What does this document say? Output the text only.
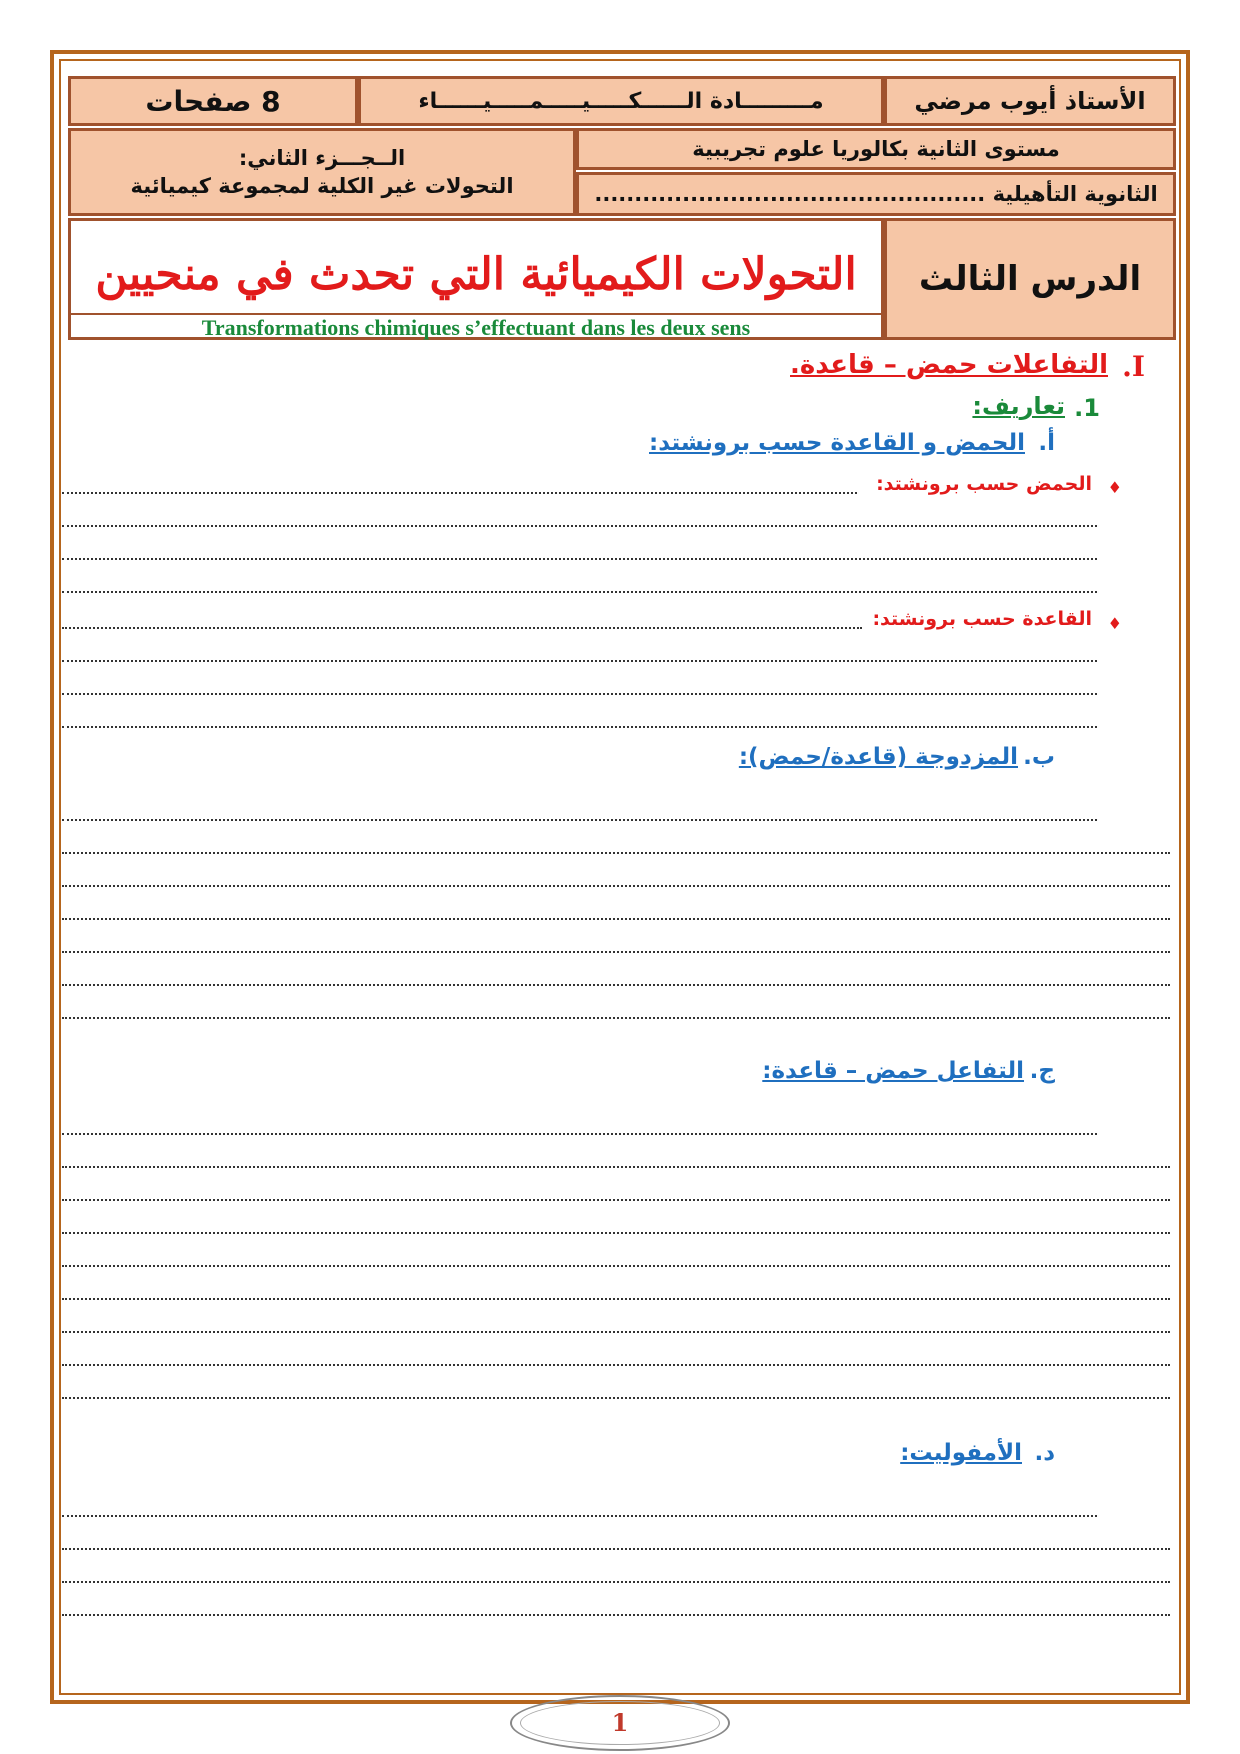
الأستاذ أيوب مرضي
مـــــــــادة الــــــكـــــيـــــمـــــيــــــاء
8 صفحات
مستوى الثانية بكالوريا علوم تجريبية
الثانوية التأهيلية .................................................
الــجـــزء الثاني:
التحولات غير الكلية لمجموعة كيميائية
التحولات الكيميائية التي تحدث في منحيين
Transformations chimiques s’effectuant dans les deux sens
الدرس الثالث
I.
التفاعلات حمض – قاعدة.
1.
تعاريف:
أ.
الحمض و القاعدة حسب برونشتد:
♦
الحمض حسب برونشتد:
♦
القاعدة حسب برونشتد:
ب.
المزدوجة (قاعدة/حمض):
ج.
التفاعل حمض – قاعدة:
د.
الأمفوليت:
1
